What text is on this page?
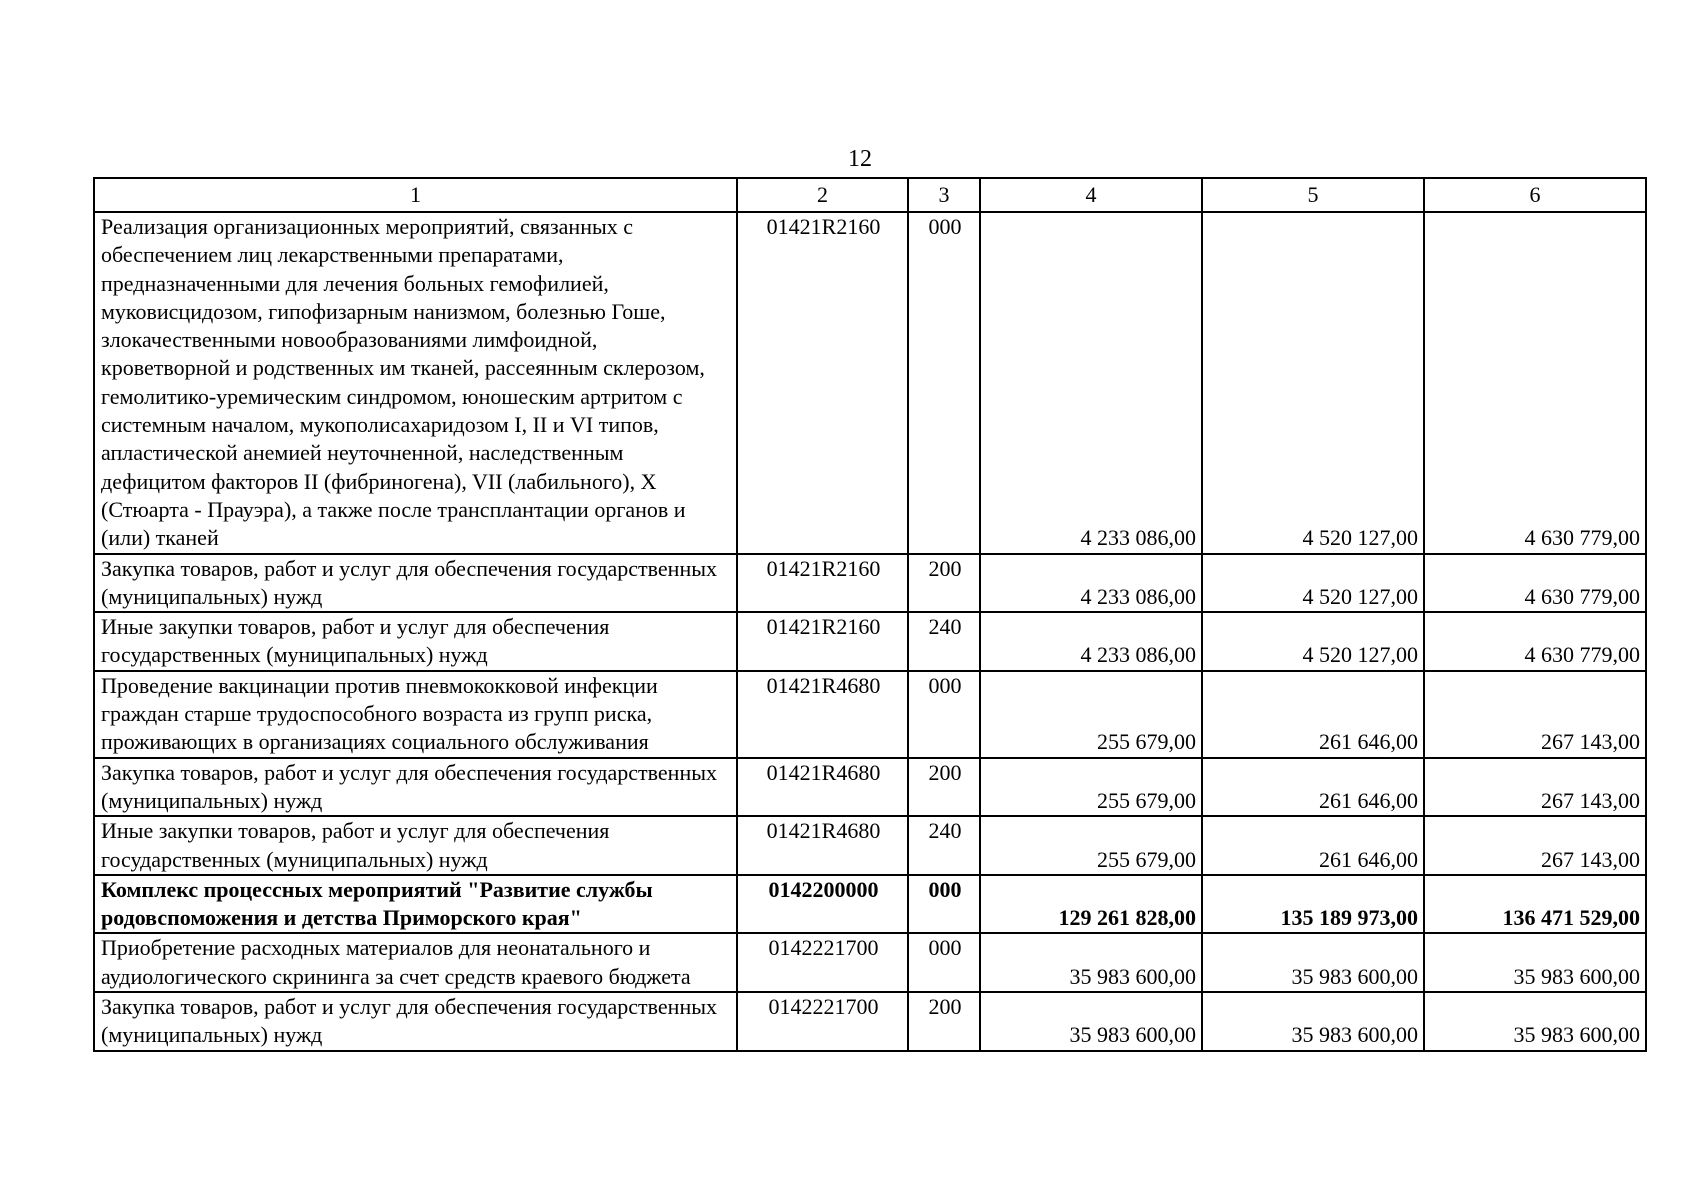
12
1	2	3	4	5	6
Реализация организационных мероприятий, связанных с обеспечением лиц лекарственными препаратами, предназначенными для лечения больных гемофилией, муковисцидозом, гипофизарным нанизмом, болезнью Гоше, злокачественными новообразованиями лимфоидной, кроветворной и родственных им тканей, рассеянным склерозом, гемолитико-уремическим синдромом, юношеским артритом с системным началом, мукополисахаридозом I, II и VI типов, апластической анемией неуточненной, наследственным дефицитом факторов II (фибриногена), VII (лабильного), X (Стюарта - Прауэра), а также после трансплантации органов и (или) тканей	01421R2160	000	4 233 086,00	4 520 127,00	4 630 779,00
Закупка товаров, работ и услуг для обеспечения государственных (муниципальных) нужд	01421R2160	200	4 233 086,00	4 520 127,00	4 630 779,00
Иные закупки товаров, работ и услуг для обеспечения государственных (муниципальных) нужд	01421R2160	240	4 233 086,00	4 520 127,00	4 630 779,00
Проведение вакцинации против пневмококковой инфекции граждан старше трудоспособного возраста из групп риска, проживающих в организациях социального обслуживания	01421R4680	000	255 679,00	261 646,00	267 143,00
Закупка товаров, работ и услуг для обеспечения государственных (муниципальных) нужд	01421R4680	200	255 679,00	261 646,00	267 143,00
Иные закупки товаров, работ и услуг для обеспечения государственных (муниципальных) нужд	01421R4680	240	255 679,00	261 646,00	267 143,00
Комплекс процессных мероприятий "Развитие службы родовспоможения и детства Приморского края"	0142200000	000	129 261 828,00	135 189 973,00	136 471 529,00
Приобретение расходных материалов для неонатального и аудиологического скрининга за счет средств краевого бюджета	0142221700	000	35 983 600,00	35 983 600,00	35 983 600,00
Закупка товаров, работ и услуг для обеспечения государственных (муниципальных) нужд	0142221700	200	35 983 600,00	35 983 600,00	35 983 600,00
